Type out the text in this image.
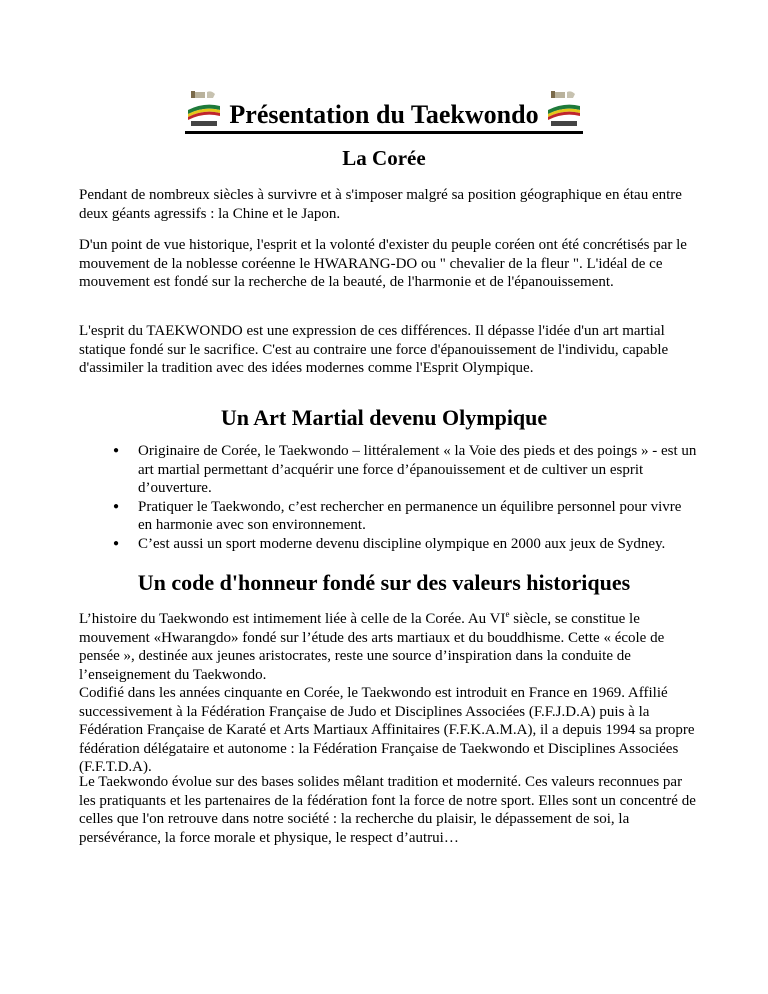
Présentation du Taekwondo
La Corée

Pendant de nombreux siècles à survivre et à s'imposer malgré sa position géographique en étau entre deux géants agressifs : la Chine et le Japon.

D'un point de vue historique, l'esprit et la volonté d'exister du peuple coréen ont été concrétisés par le mouvement de la noblesse coréenne le HWARANG-DO ou " chevalier de la fleur ". L'idéal de ce mouvement est fondé sur la recherche de la beauté, de l'harmonie et de l'épanouissement.

L'esprit du TAEKWONDO est une expression de ces différences. Il dépasse l'idée d'un art martial statique fondé sur le sacrifice. C'est au contraire une force d'épanouissement de l'individu, capable d'assimiler la tradition avec des idées modernes comme l'Esprit Olympique.

Un Art Martial devenu Olympique
● Originaire de Corée, le Taekwondo – littéralement « la Voie des pieds et des poings » - est un art martial permettant d’acquérir une force d’épanouissement et de cultiver un esprit d’ouverture.
● Pratiquer le Taekwondo, c’est rechercher en permanence un équilibre personnel pour vivre en harmonie avec son environnement.
● C’est aussi un sport moderne devenu discipline olympique en 2000 aux jeux de Sydney.
Un code d'honneur fondé sur des valeurs historiques
L’histoire du Taekwondo est intimement liée à celle de la Corée. Au VIe siècle, se constitue le mouvement «Hwarangdo» fondé sur l’étude des arts martiaux et du bouddhisme. Cette « école de pensée », destinée aux jeunes aristocrates, reste une source d’inspiration dans la conduite de l’enseignement du Taekwondo.
Codifié dans les années cinquante en Corée, le Taekwondo est introduit en France en 1969. Affilié successivement à la Fédération Française de Judo et Disciplines Associées (F.F.J.D.A) puis à la Fédération Française de Karaté et Arts Martiaux Affinitaires (F.F.K.A.M.A), il a depuis 1994 sa propre fédération délégataire et autonome : la Fédération Française de Taekwondo et Disciplines Associées (F.F.T.D.A).

Le Taekwondo évolue sur des bases solides mêlant tradition et modernité. Ces valeurs reconnues par les pratiquants et les partenaires de la fédération font la force de notre sport. Elles sont un concentré de celles que l'on retrouve dans notre société : la recherche du plaisir, le dépassement de soi, la persévérance, la force morale et physique, le respect d’autrui…
